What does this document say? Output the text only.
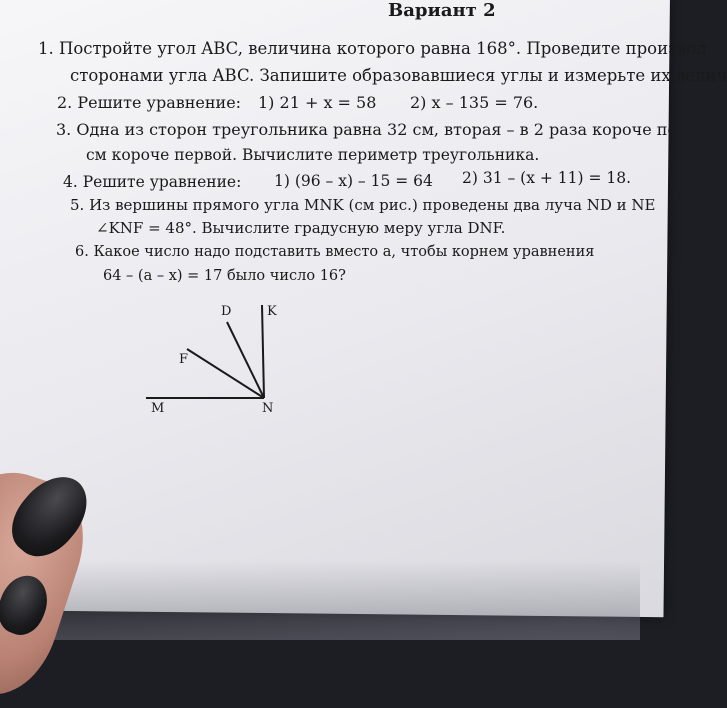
Вариант 2
1. Постройте угол ABC, величина которого равна 168°. Проведите произвол
сторонами угла ABC. Запишите образовавшиеся углы и измерьте их велич
2. Решите уравнение: 1) 21 + x = 58 2) x – 135 = 76.
3. Одна из сторон треугольника равна 32 см, вторая – в 2 раза короче пе
см короче первой. Вычислите периметр треугольника.
4. Решите уравнение: 1) (96 – x) – 15 = 64 2) 31 – (x + 11) = 18.
5. Из вершины прямого угла MNK (см рис.) проведены два луча ND и NE
∠KNF = 48°. Вычислите градусную меру угла DNF.
6. Какое число надо подставить вместо a, чтобы корнем уравнения
64 – (a – x) = 17 было число 16?
D	K
F
M	N
